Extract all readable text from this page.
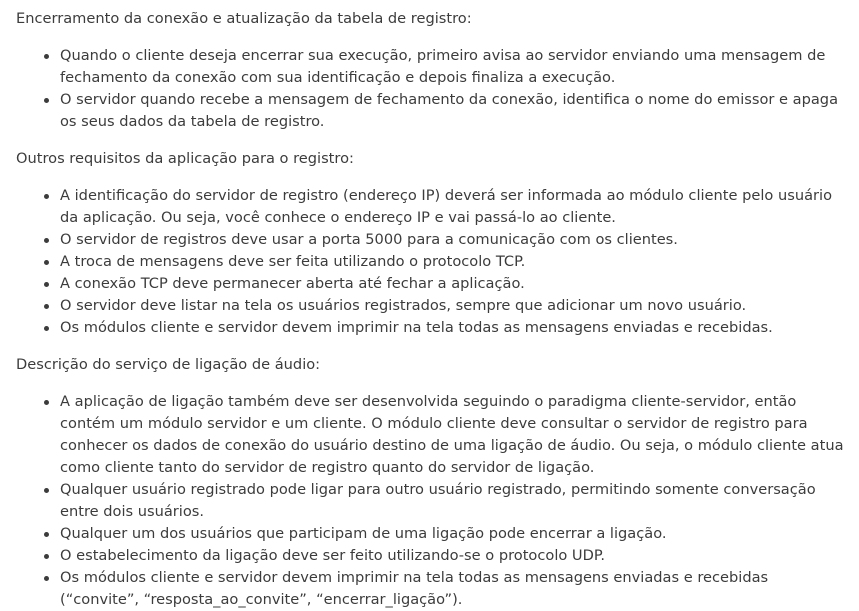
Encerramento da conexão e atualização da tabela de registro:

Quando o cliente deseja encerrar sua execução, primeiro avisa ao servidor enviando uma mensagem de fechamento da conexão com sua identificação e depois finaliza a execução.
O servidor quando recebe a mensagem de fechamento da conexão, identifica o nome do emissor e apaga os seus dados da tabela de registro.

Outros requisitos da aplicação para o registro:

A identificação do servidor de registro (endereço IP) deverá ser informada ao módulo cliente pelo usuário da aplicação. Ou seja, você conhece o endereço IP e vai passá-lo ao cliente.
O servidor de registros deve usar a porta 5000 para a comunicação com os clientes.
A troca de mensagens deve ser feita utilizando o protocolo TCP.
A conexão TCP deve permanecer aberta até fechar a aplicação.
O servidor deve listar na tela os usuários registrados, sempre que adicionar um novo usuário.
Os módulos cliente e servidor devem imprimir na tela todas as mensagens enviadas e recebidas.

Descrição do serviço de ligação de áudio:

A aplicação de ligação também deve ser desenvolvida seguindo o paradigma cliente-servidor, então contém um módulo servidor e um cliente. O módulo cliente deve consultar o servidor de registro para conhecer os dados de conexão do usuário destino de uma ligação de áudio. Ou seja, o módulo cliente atua como cliente tanto do servidor de registro quanto do servidor de ligação.
Qualquer usuário registrado pode ligar para outro usuário registrado, permitindo somente conversação entre dois usuários.
Qualquer um dos usuários que participam de uma ligação pode encerrar a ligação.
O estabelecimento da ligação deve ser feito utilizando-se o protocolo UDP.
Os módulos cliente e servidor devem imprimir na tela todas as mensagens enviadas e recebidas (“convite”, “resposta_ao_convite”, “encerrar_ligação”).
